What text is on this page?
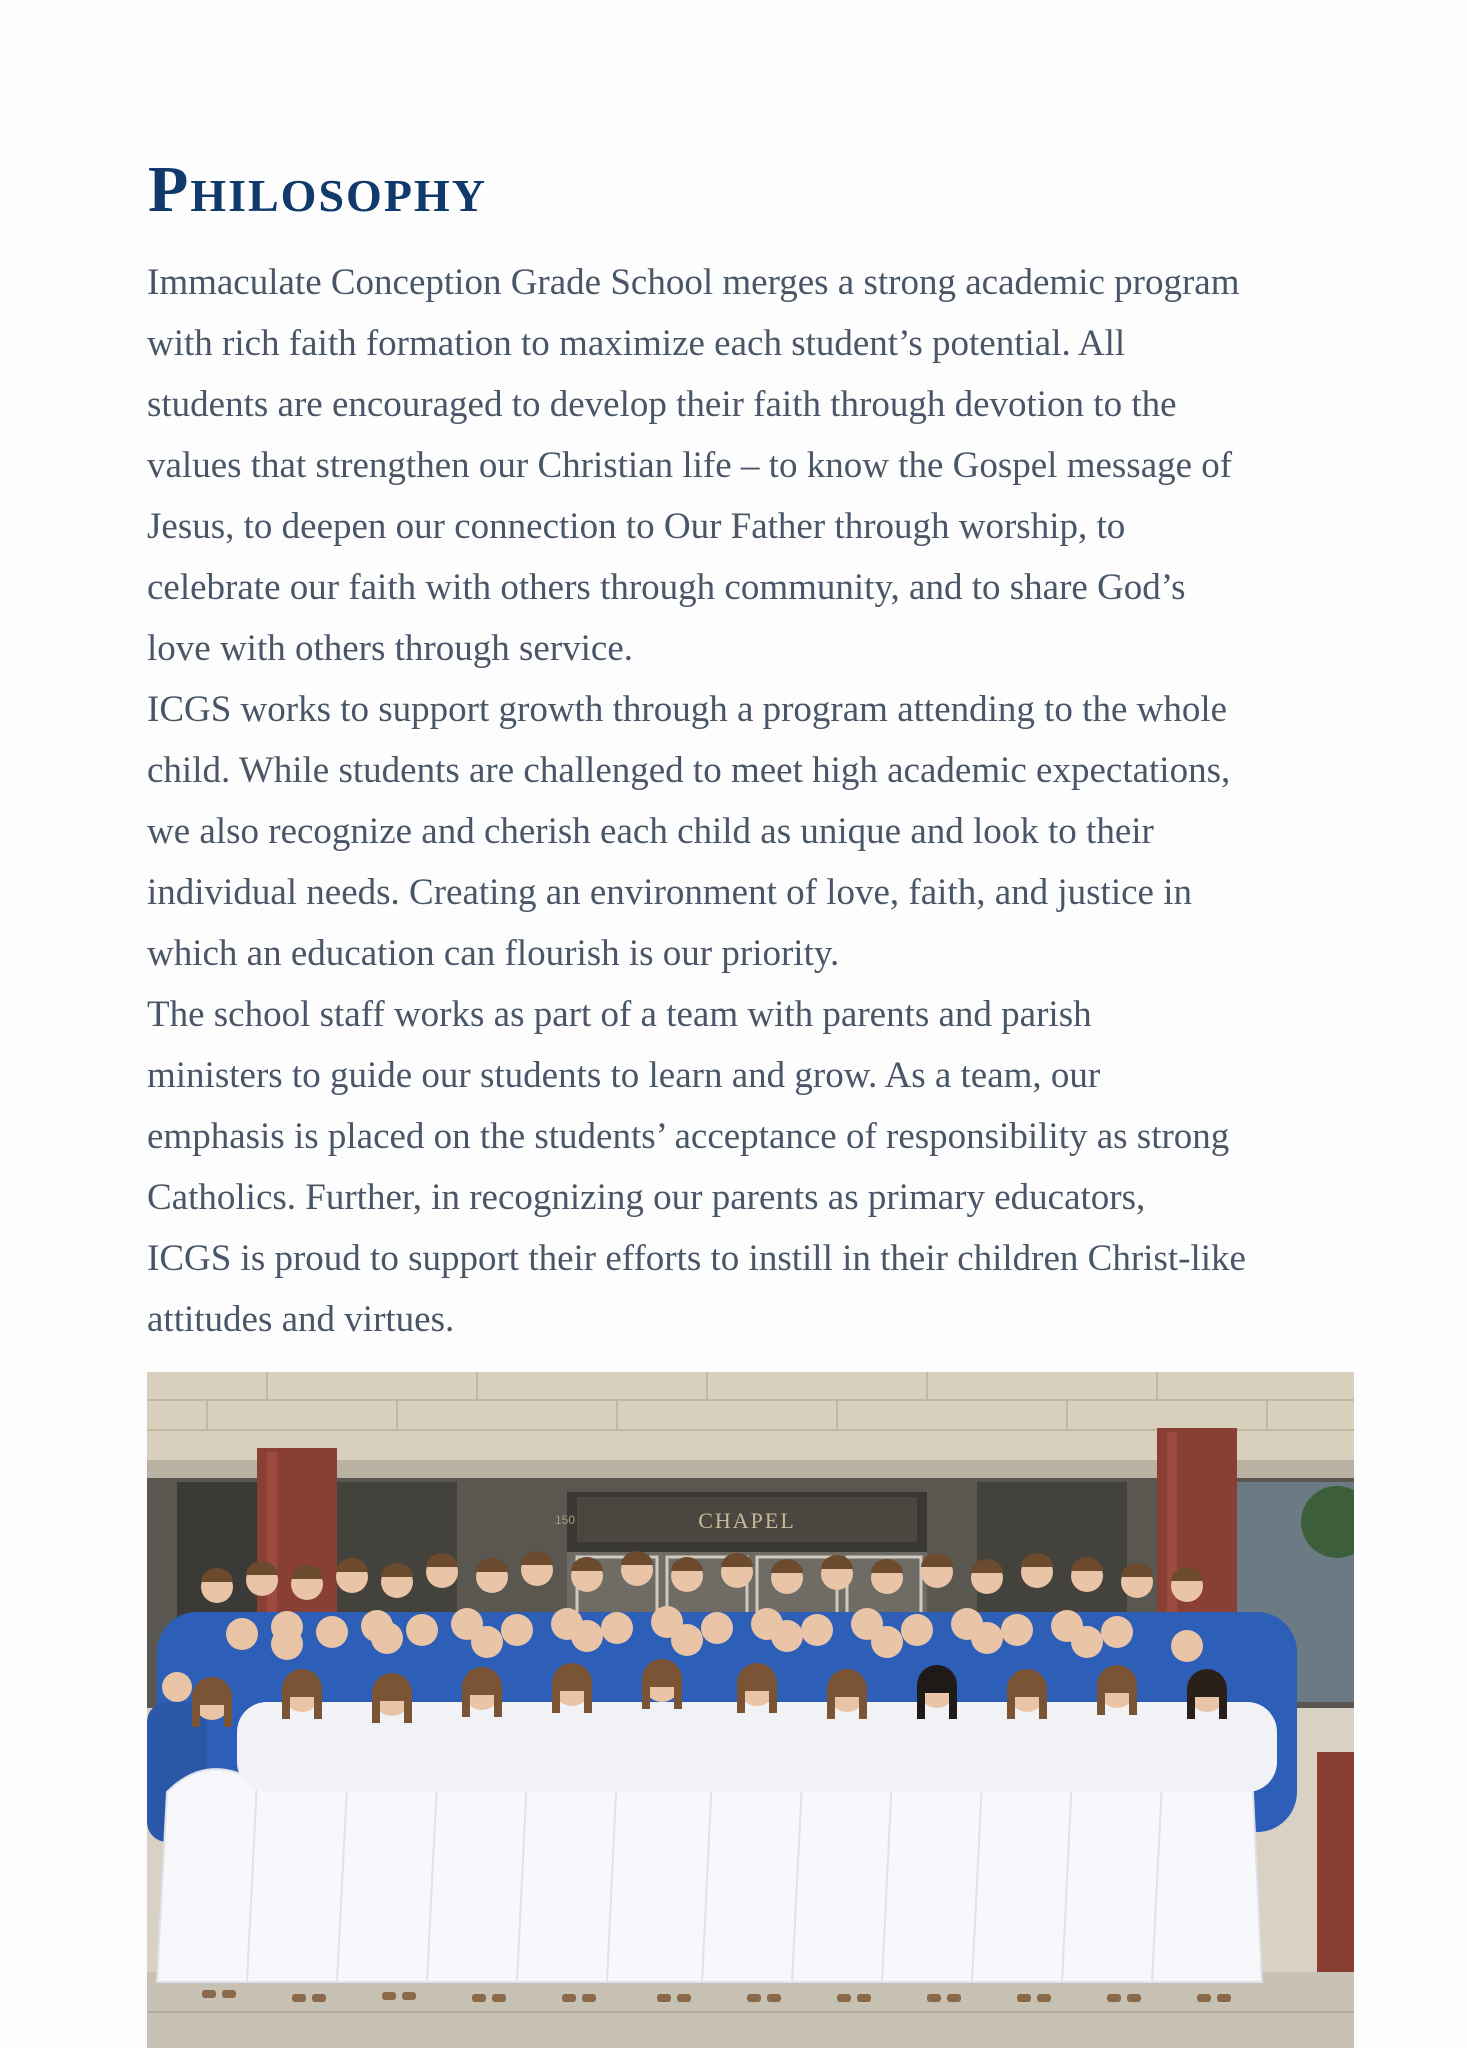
Philosophy

Immaculate Conception Grade School merges a strong academic program
with rich faith formation to maximize each student’s potential. All
students are encouraged to develop their faith through devotion to the
values that strengthen our Christian life – to know the Gospel message of
Jesus, to deepen our connection to Our Father through worship, to
celebrate our faith with others through community, and to share God’s
love with others through service.

ICGS works to support growth through a program attending to the whole
child. While students are challenged to meet high academic expectations,
we also recognize and cherish each child as unique and look to their
individual needs. Creating an environment of love, faith, and justice in
which an education can flourish is our priority.

The school staff works as part of a team with parents and parish
ministers to guide our students to learn and grow. As a team, our
emphasis is placed on the students’ acceptance of responsibility as strong
Catholics. Further, in recognizing our parents as primary educators,
ICGS is proud to support their efforts to instill in their children Christ-like
attitudes and virtues.

CHAPEL
150
